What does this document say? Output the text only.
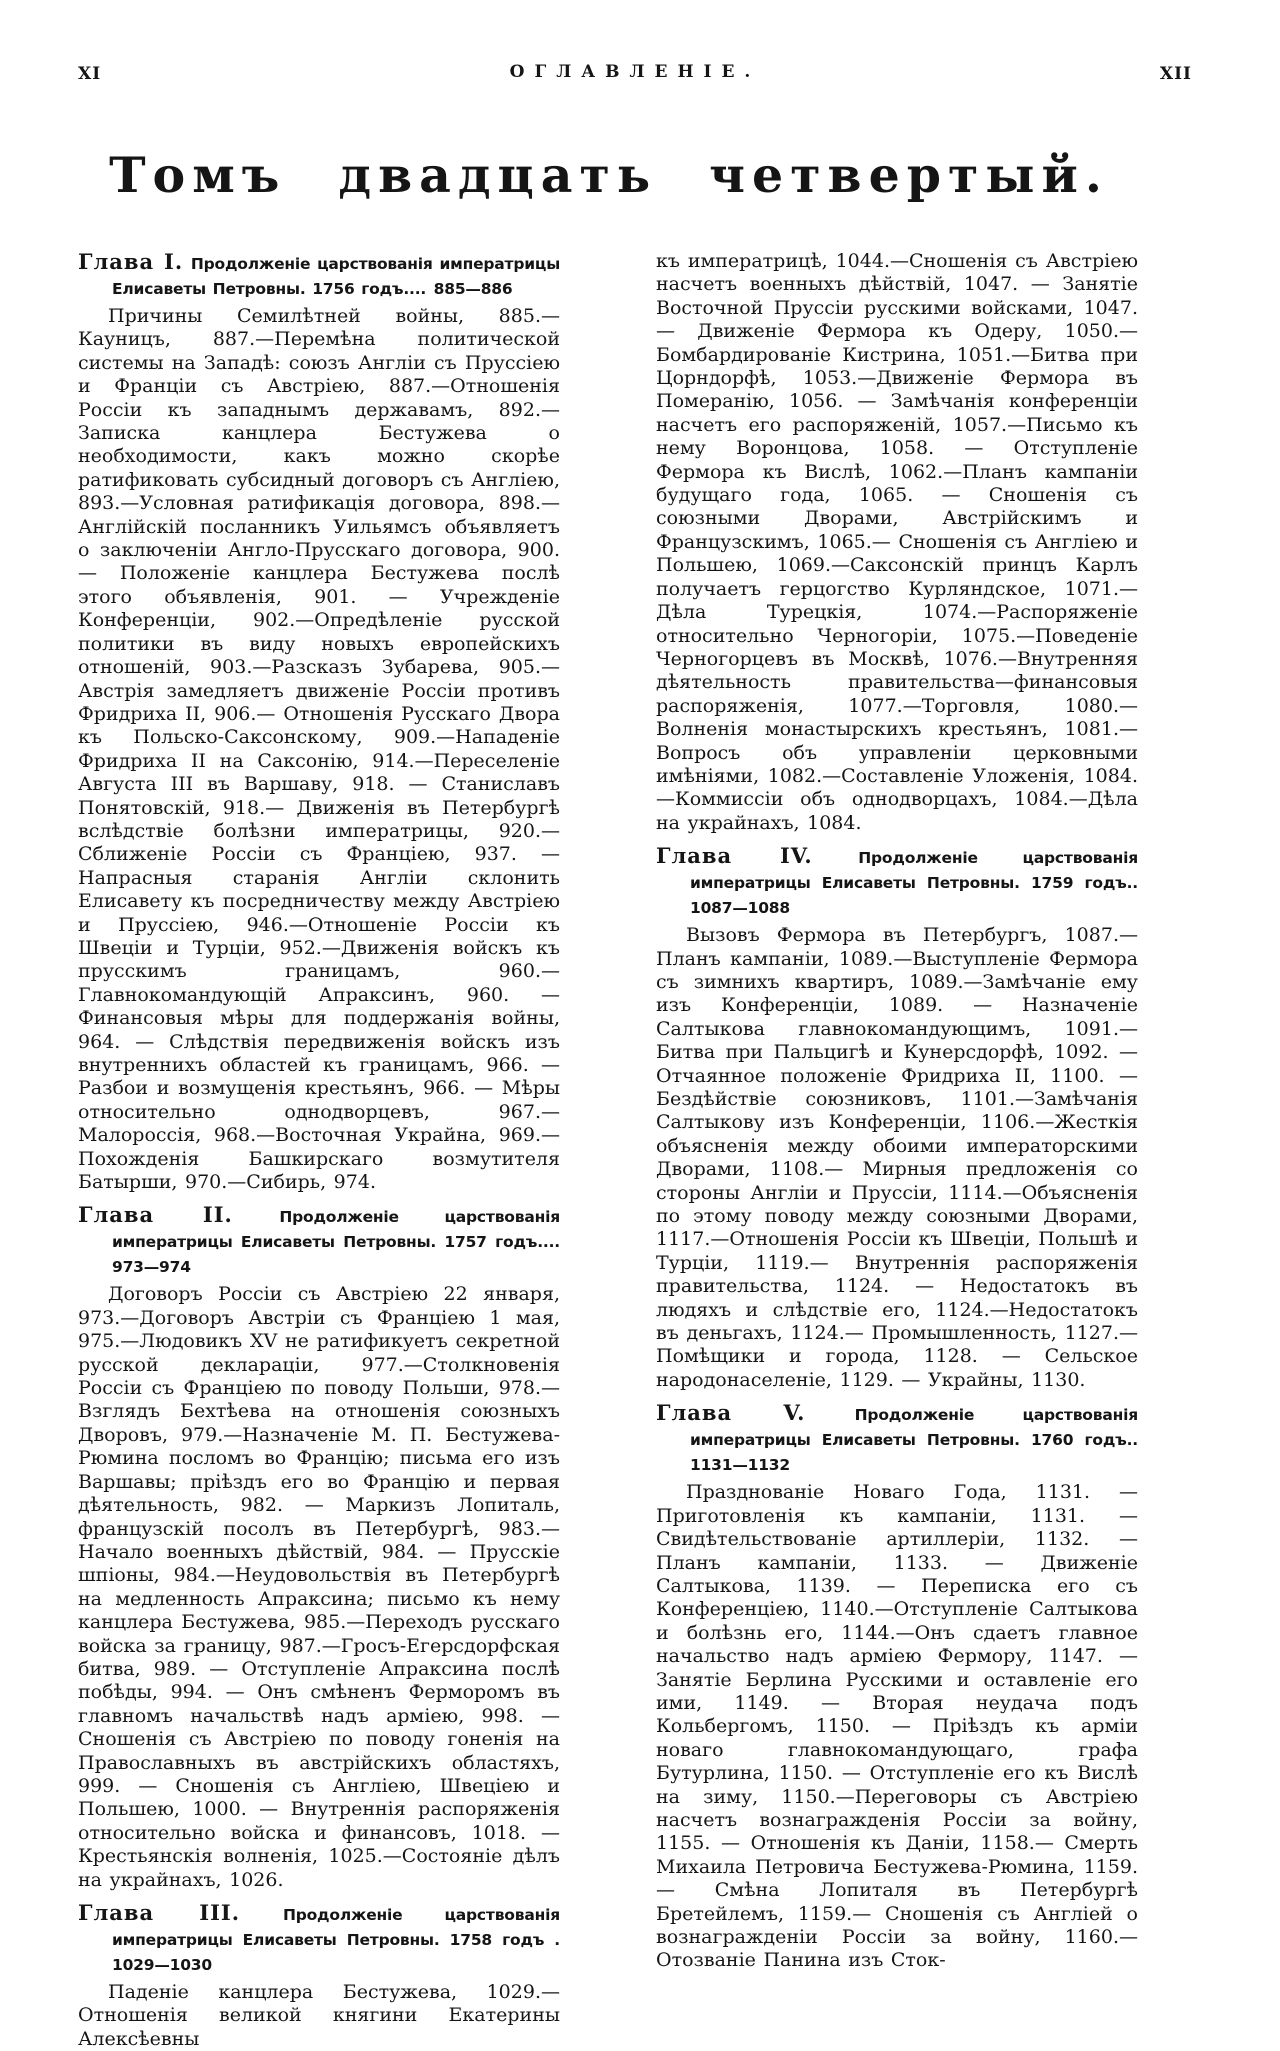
XI	ОГЛАВЛЕНІЕ.	XII
Томъ двадцать четвертый.

Глава I. Продолженіе царствованія императрицы Елисаветы Петровны. 1756 годъ.... 885—886

Причины Семилѣтней войны, 885.—Кауницъ, 887.—Перемѣна политической системы на Западѣ: союзъ Англіи съ Пруссіею и Франціи съ Австріею, 887.—Отношенія Россіи къ западнымъ державамъ, 892.—Записка канцлера Бестужева о необходимости, какъ можно скорѣе ратификовать субсидный договоръ съ Англіею, 893.—Условная ратификація договора, 898.—Англійскій посланникъ Уильямсъ объявляетъ о заключеніи Англо-Прусскаго договора, 900.— Положеніе канцлера Бестужева послѣ этого объявленія, 901. — Учрежденіе Конференціи, 902.—Опредѣленіе русской политики въ виду новыхъ европейскихъ отношеній, 903.—Разсказъ Зубарева, 905.—Австрія замедляетъ движеніе Россіи противъ Фридриха II, 906.— Отношенія Русскаго Двора къ Польско-Саксонскому, 909.—Нападеніе Фридриха II на Саксонію, 914.—Переселеніе Августа III въ Варшаву, 918. — Станиславъ Понятовскій, 918.— Движенія въ Петербургѣ вслѣдствіе болѣзни императрицы, 920.—Сближеніе Россіи съ Франціею, 937. — Напрасныя старанія Англіи склонить Елисавету къ посредничеству между Австріею и Пруссіею, 946.—Отношеніе Россіи къ Швеціи и Турціи, 952.—Движенія войскъ къ прусскимъ границамъ, 960.—Главнокомандующій Апраксинъ, 960. — Финансовыя мѣры для поддержанія войны, 964. — Слѣдствія передвиженія войскъ изъ внутреннихъ областей къ границамъ, 966. — Разбои и возмущенія крестьянъ, 966. — Мѣры относительно однодворцевъ, 967.—Малороссія, 968.—Восточная Украйна, 969.—Похожденія Башкирскаго возмутителя Батырши, 970.—Сибирь, 974.

Глава II.	Продолженіе царствованія императрицы Елисаветы Петровны. 1757 годъ.... 973—974

Договоръ Россіи съ Австріею 22 января, 973.—Договоръ Австріи съ Франціею 1 мая, 975.—Людовикъ XV не ратификуетъ секретной русской деклараціи, 977.—Столкновенія Россіи съ Франціею по поводу Польши, 978.— Взглядъ Бехтѣева на отношенія союзныхъ Дворовъ, 979.—Назначеніе М. П. Бестужева-Рюмина посломъ во Францію; письма его изъ Варшавы; пріѣздъ его во Францію и первая дѣятельность, 982. — Маркизъ Лопиталь, французскій посолъ въ Петербургѣ, 983.—Начало военныхъ дѣйствій, 984. — Прусскіе шпіоны, 984.—Неудовольствія въ Петербургѣ на медленность Апраксина; письмо къ нему канцлера Бестужева, 985.—Переходъ русскаго войска за границу, 987.—Гросъ-Егерсдорфская битва, 989. — Отступленіе Апраксина послѣ побѣды, 994. — Онъ смѣненъ Ферморомъ въ главномъ начальствѣ надъ арміею, 998. — Сношенія съ Австріею по поводу гоненія на Православныхъ въ австрійскихъ областяхъ, 999. — Сношенія съ Англіею, Швеціею и Польшею, 1000. — Внутреннія распоряженія относительно войска и финансовъ, 1018. — Крестьянскія волненія, 1025.—Состояніе дѣлъ на украйнахъ, 1026.

Глава III.	Продолженіе царствованія императрицы Елисаветы Петровны. 1758 годъ . 1029—1030

Паденіе канцлера Бестужева, 1029.—Отношенія великой княгини Екатерины Алексѣевны

къ императрицѣ, 1044.—Сношенія съ Австріею насчетъ военныхъ дѣйствій, 1047. — Занятіе Восточной Пруссіи русскими войсками, 1047. — Движеніе Фермора къ Одеру, 1050.—Бомбардированіе Кистрина, 1051.—Битва при Цорндорфѣ, 1053.—Движеніе Фермора въ Померанію, 1056. — Замѣчанія конференціи насчетъ его распоряженій, 1057.—Письмо къ нему Воронцова, 1058. — Отступленіе Фермора къ Вислѣ, 1062.—Планъ кампаніи будущаго года, 1065. — Сношенія съ союзными Дворами, Австрійскимъ и Французскимъ, 1065.— Сношенія съ Англіею и Польшею, 1069.—Саксонскій принцъ Карлъ получаетъ герцогство Курляндское, 1071.—Дѣла Турецкія, 1074.—Распоряженіе относительно Черногоріи, 1075.—Поведеніе Черногорцевъ въ Москвѣ, 1076.—Внутренняя дѣятельность правительства—финансовыя распоряженія, 1077.—Торговля, 1080.— Волненія монастырскихъ крестьянъ, 1081.— Вопросъ объ управленіи церковными имѣніями, 1082.—Составленіе Уложенія, 1084.—Коммиссіи объ однодворцахъ, 1084.—Дѣла на украйнахъ, 1084.

Глава IV.	Продолженіе царствованія императрицы Елисаветы Петровны. 1759 годъ.. 1087—1088

Вызовъ Фермора въ Петербургъ, 1087.— Планъ кампаніи, 1089.—Выступленіе Фермора съ зимнихъ квартиръ, 1089.—Замѣчаніе ему изъ Конференціи, 1089. — Назначеніе Салтыкова главнокомандующимъ, 1091.—Битва при Пальцигѣ и Кунерсдорфѣ, 1092. — Отчаянное положеніе Фридриха II, 1100. — Бездѣйствіе союзниковъ, 1101.—Замѣчанія Салтыкову изъ Конференціи, 1106.—Жесткія объясненія между обоими императорскими Дворами, 1108.— Мирныя предложенія со стороны Англіи и Пруссіи, 1114.—Объясненія по этому поводу между союзными Дворами, 1117.—Отношенія Россіи къ Швеціи, Польшѣ и Турціи, 1119.— Внутреннія распоряженія правительства, 1124. — Недостатокъ въ людяхъ и слѣдствіе его, 1124.—Недостатокъ въ деньгахъ, 1124.— Промышленность, 1127.—Помѣщики и города, 1128. — Сельское народонаселеніе, 1129. — Украйны, 1130.

Глава V.	Продолженіе царствованія императрицы Елисаветы Петровны. 1760 годъ.. 1131—1132

Празднованіе Новаго Года, 1131. — Приготовленія къ кампаніи, 1131. — Свидѣтельствованіе артиллеріи, 1132. — Планъ кампаніи, 1133. — Движеніе Салтыкова, 1139. — Переписка его съ Конференціею, 1140.—Отступленіе Салтыкова и болѣзнь его, 1144.—Онъ сдаетъ главное начальство надъ арміею Фермору, 1147. — Занятіе Берлина Русскими и оставленіе его ими, 1149. — Вторая неудача подъ Кольбергомъ, 1150. — Пріѣздъ къ арміи новаго главнокомандующаго, графа Бутурлина, 1150. — Отступленіе его къ Вислѣ на зиму, 1150.—Переговоры съ Австріею насчетъ вознагражденія Россіи за войну, 1155. — Отношенія къ Даніи, 1158.— Смерть Михаила Петровича Бестужева-Рюмина, 1159. — Смѣна Лопиталя въ Петербургѣ Бретейлемъ, 1159.— Сношенія съ Англіей о вознагражденіи Россіи за войну, 1160.—Отозваніе Панина изъ Сток-
